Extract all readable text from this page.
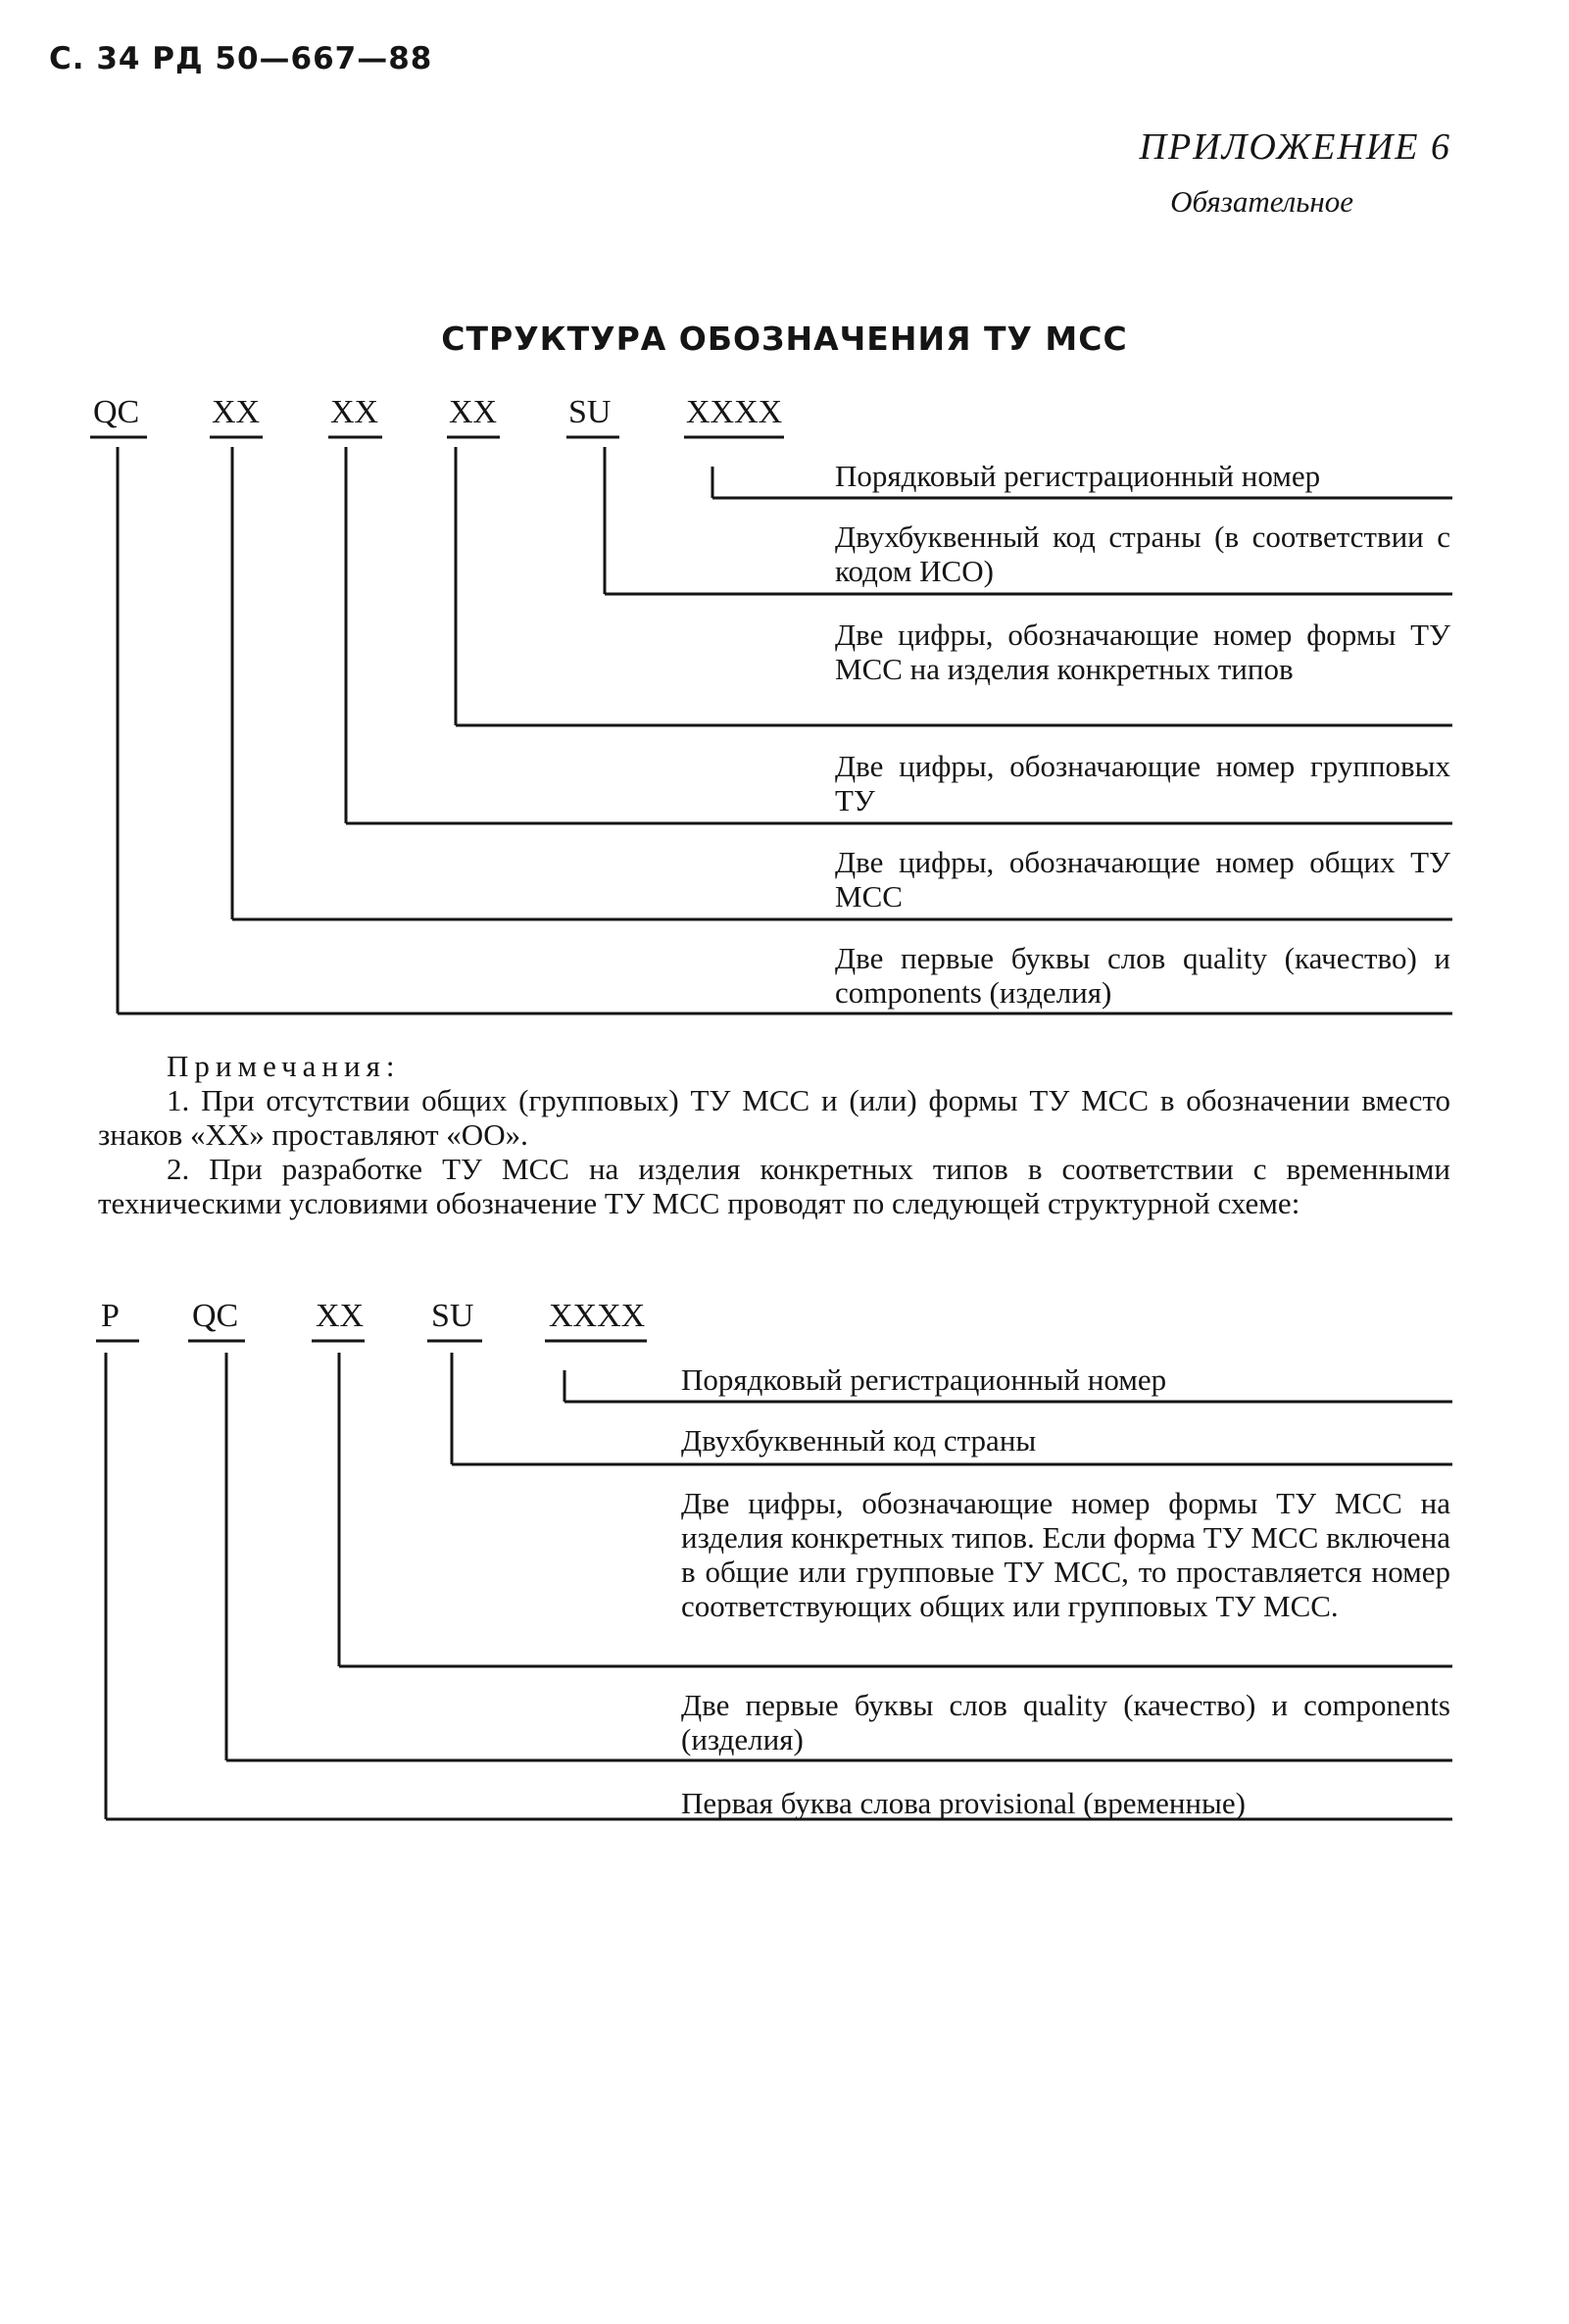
С. 34 РД 50—667—88
ПРИЛОЖЕНИЕ 6
Обязательное
СТРУКТУРА ОБОЗНАЧЕНИЯ ТУ МСС
QC XX XX XX SU XXXX
Порядковый регистрационный номер
Двухбуквенный код страны (в соответствии с кодом ИСО)
Две цифры, обозначающие номер формы ТУ МСС на изделия конкретных типов
Две цифры, обозначающие номер групповых ТУ
Две цифры, обозначающие номер общих ТУ МСС
Две первые буквы слов quality (качество) и components (изделия)
Примечания:

1. При отсутствии общих (групповых) ТУ МСС и (или) формы ТУ МСС в обозначении вместо знаков «XX» проставляют «OO».

2. При разработке ТУ МСС на изделия конкретных типов в соответствии с временными техническими условиями обозначение ТУ МСС проводят по следующей структурной схеме:

P QC XX SU XXXX
Порядковый регистрационный номер
Двухбуквенный код страны
Две цифры, обозначающие номер формы ТУ МСС на изделия конкретных типов. Если форма ТУ МСС включена в общие или групповые ТУ МСС, то проставляется номер соответствующих общих или групповых ТУ МСС.
Две первые буквы слов quality (качество) и components (изделия)
Первая буква слова provisional (временные)
